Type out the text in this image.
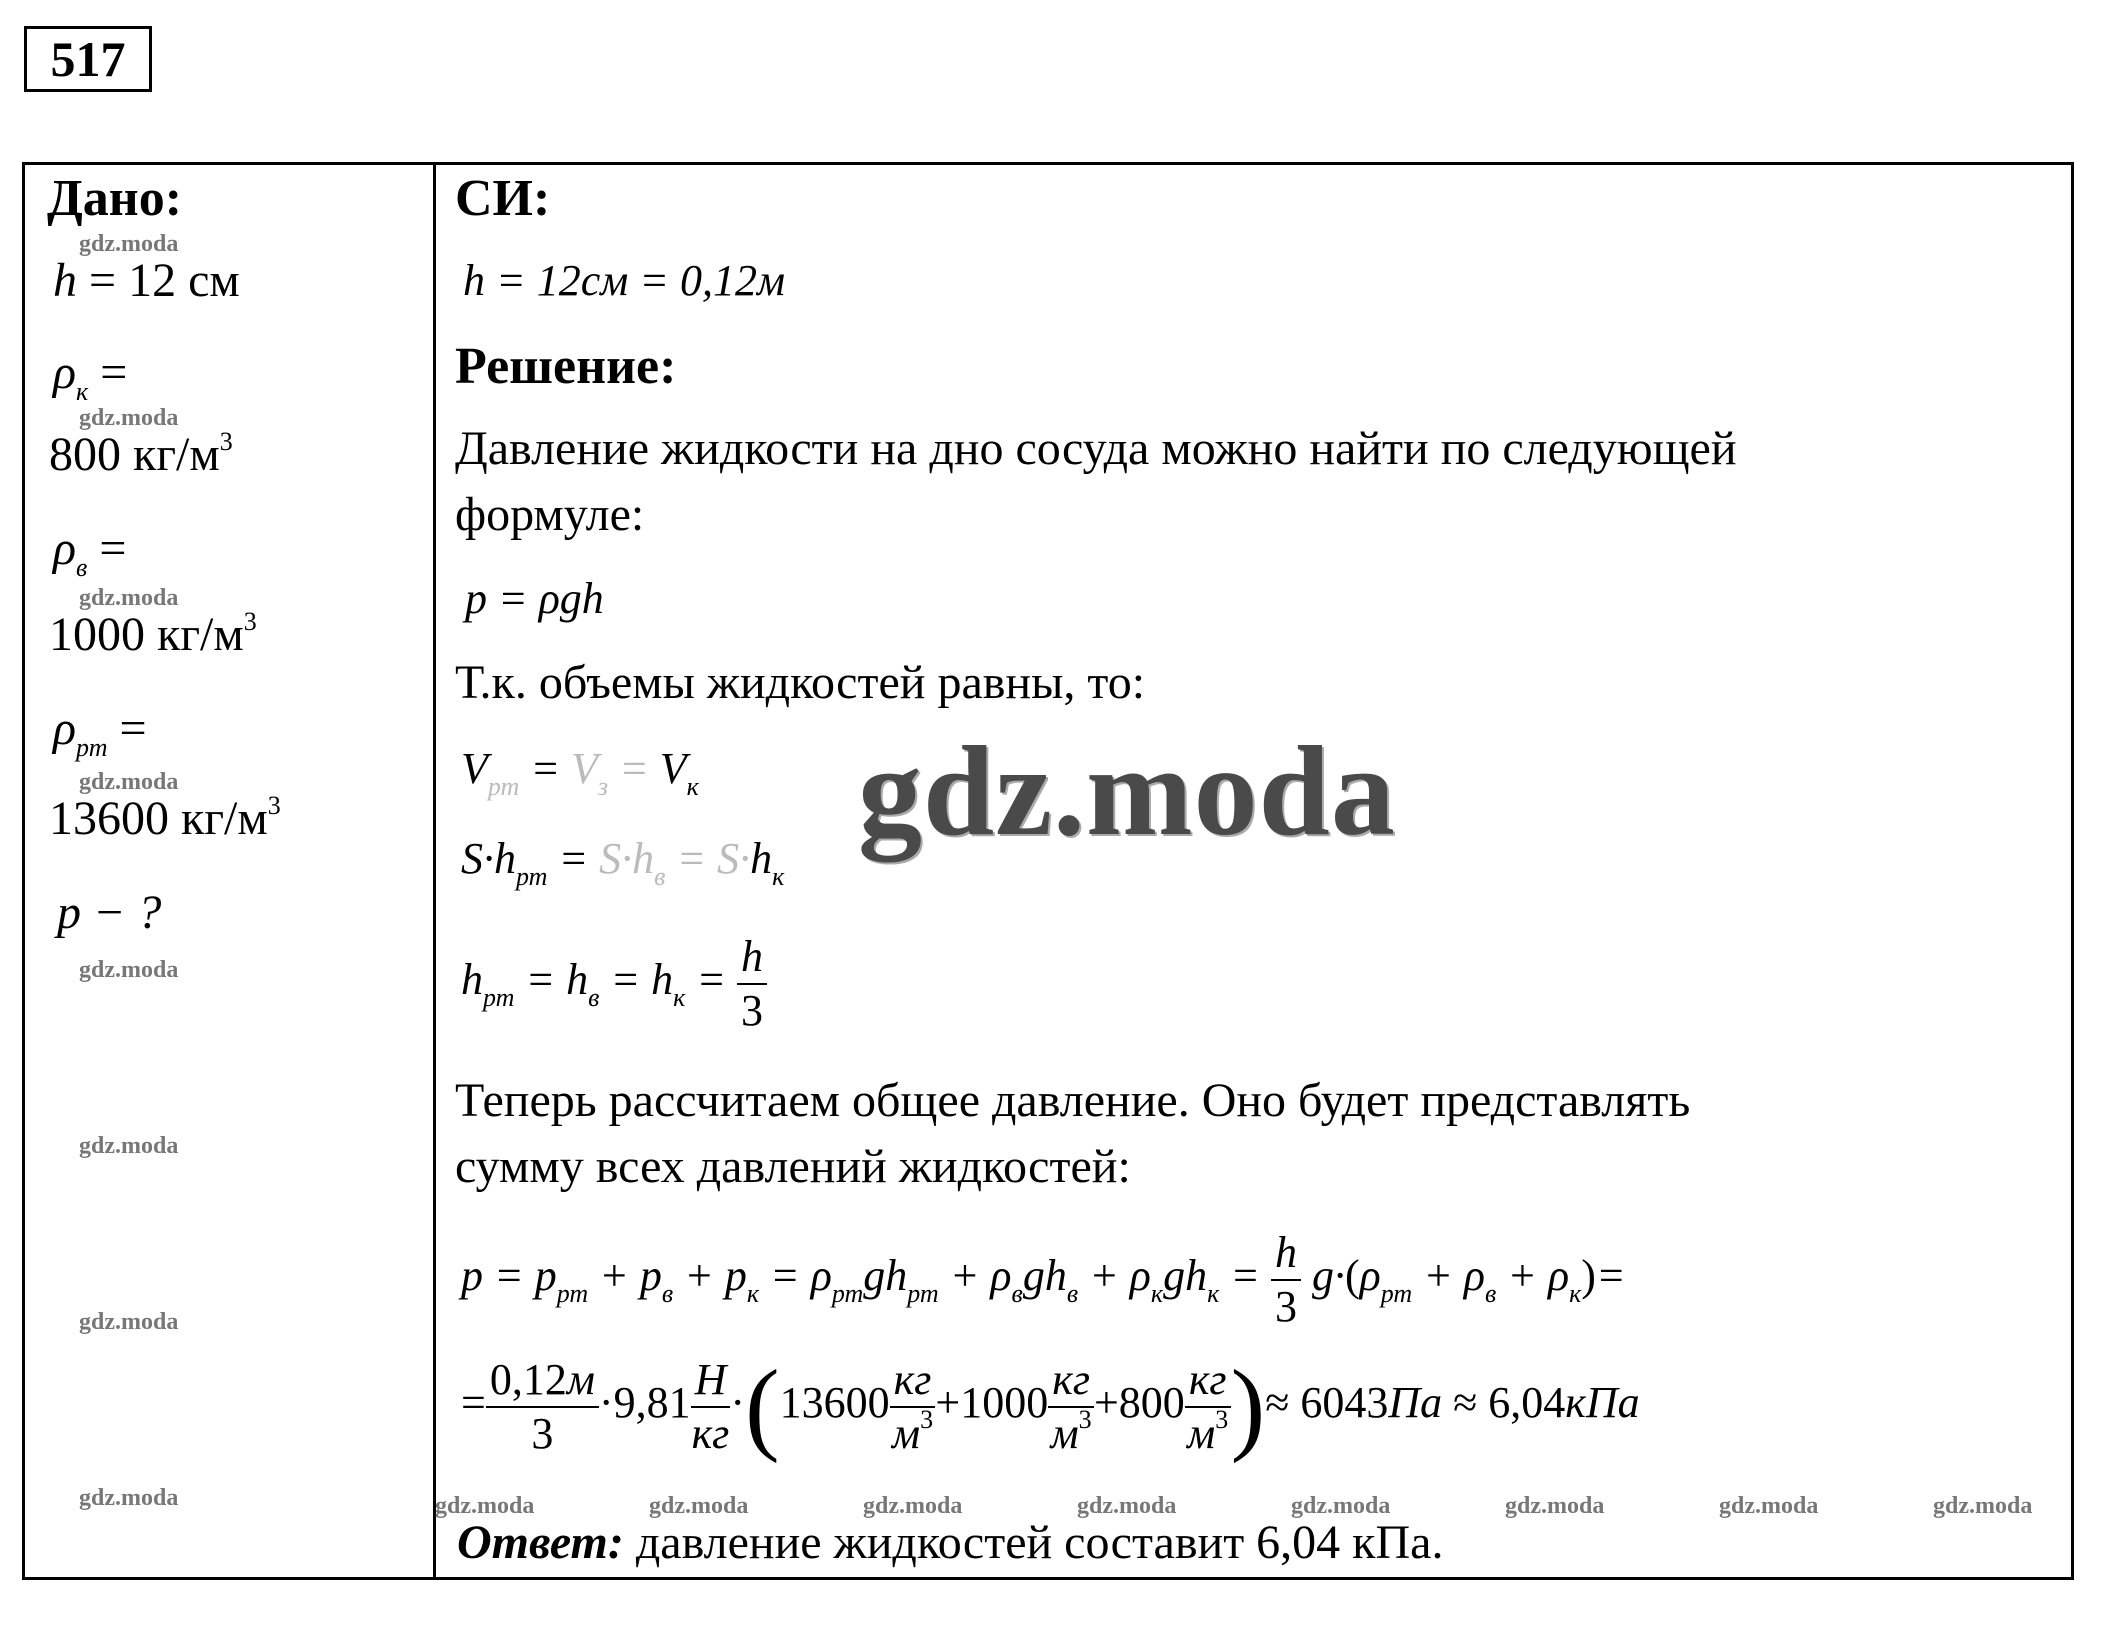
517
Дано:
gdz.moda
h = 12 см
$\rho_к$ =
gdz.moda
800 $кг/м^3$
$\rho_в$ =
gdz.moda
1000 $кг/м^3$
$\rho_{рт}$ =
gdz.moda
13600 $кг/м^3$
p − ?
gdz.moda
gdz.moda
gdz.moda
gdz.moda
СИ:
h = 12см = 0,12м
Решение:
Давление жидкости на дно сосуда можно найти по следующей
формуле:
p = ρgh
Т.к. объемы жидкостей равны, то:
$V_{рт} = V_з = V_к$
$S\cdot h_{рт} = S\cdot h_в = S\cdot h_к$
$h_{рт} = h_в = h_к = \frac{h}{3}$
Теперь рассчитаем общее давление. Оно будет представлять
сумму всех давлений жидкостей:
$p = p_{рт} + p_в + p_к = \rho_{рт}gh_{рт} + \rho_вgh_в + \rho_кgh_к = \frac{h}{3} g\cdot(\rho_{рт} + \rho_в + \rho_к)=$
= $\frac{0,12м}{3} \cdot 9,81 \frac{Н}{кг} \cdot(13600 \frac{кг}{м^3} +1000 \frac{кг}{м^3} +800 \frac{кг}{м^3}$ )≈ 6043Па ≈ 6,04кПа
gdz.moda	gdz.moda	gdz.moda	gdz.moda	gdz.moda	gdz.moda	gdz.moda	gdz.moda
Ответ: давление жидкостей составит 6,04 кПа.
gdz.moda
